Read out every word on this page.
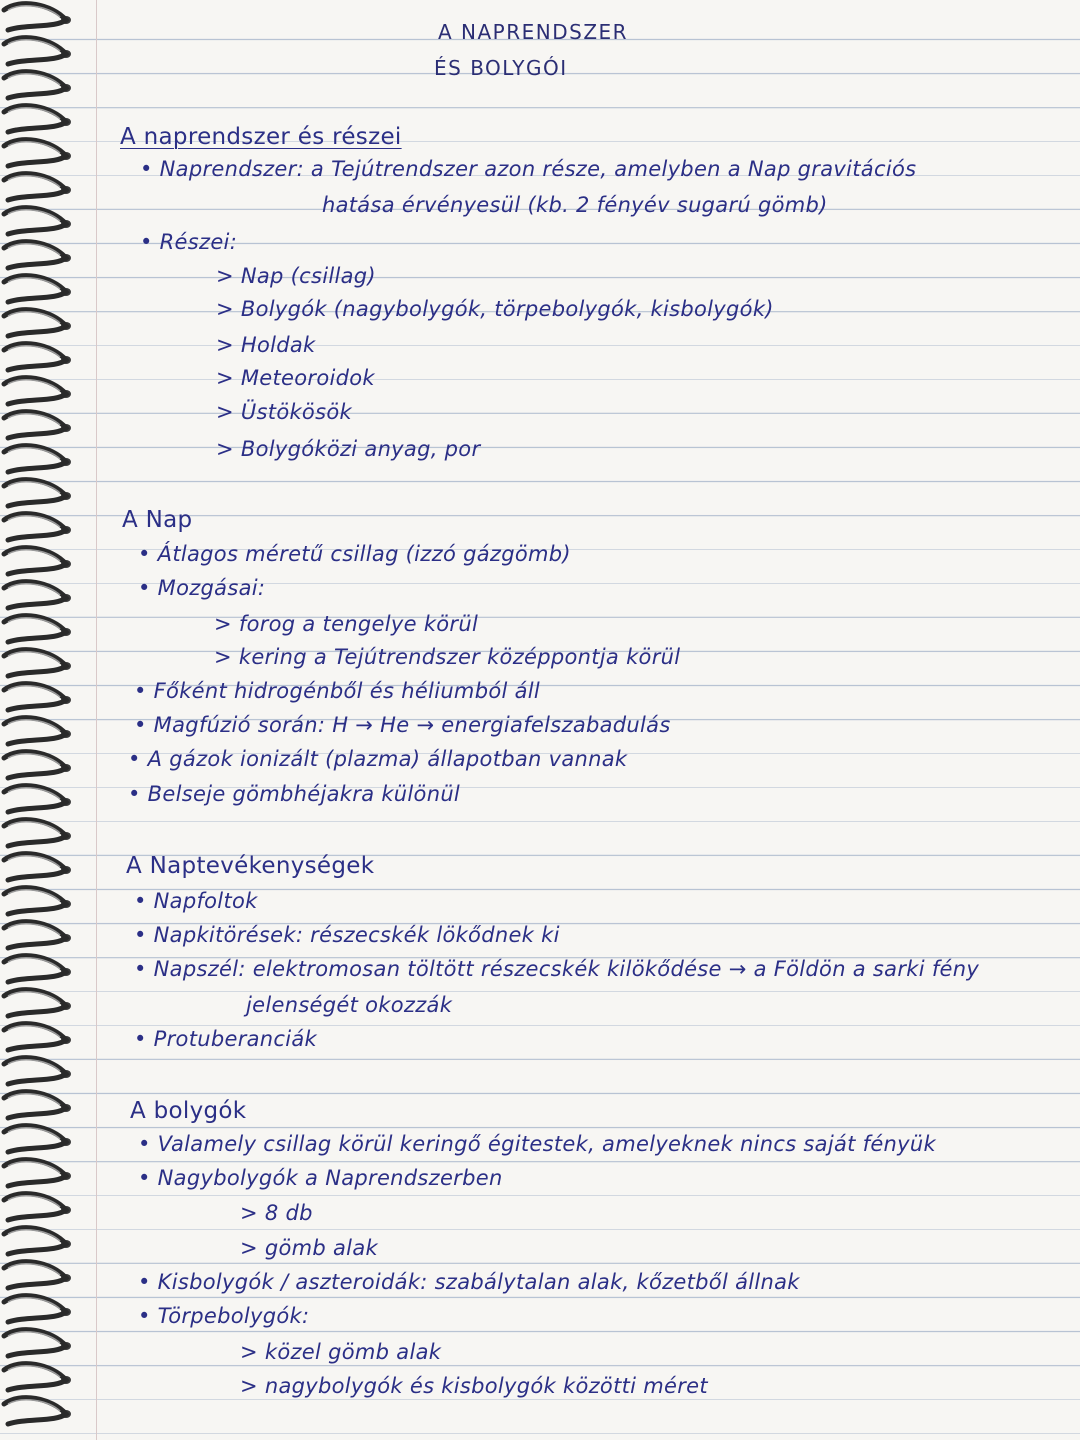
A NAPRENDSZER
ÉS BOLYGÓI
A naprendszer és részei
• Naprendszer: a Tejútrendszer azon része, amelyben a Nap gravitációs
hatása érvényesül (kb. 2 fényév sugarú gömb)
• Részei:
> Nap (csillag)
> Bolygók (nagybolygók, törpebolygók, kisbolygók)
> Holdak
> Meteoroidok
> Üstökösök
> Bolygóközi anyag, por
A Nap
• Átlagos méretű csillag (izzó gázgömb)
• Mozgásai:
> forog a tengelye körül
> kering a Tejútrendszer középpontja körül
• Főként hidrogénből és héliumból áll
• Magfúzió során: H → He → energiafelszabadulás
• A gázok ionizált (plazma) állapotban vannak
• Belseje gömbhéjakra különül
A Naptevékenységek
• Napfoltok
• Napkitörések: részecskék lökődnek ki
• Napszél: elektromosan töltött részecskék kilökődése → a Földön a sarki fény
jelenségét okozzák
• Protuberanciák
A bolygók
• Valamely csillag körül keringő égitestek, amelyeknek nincs saját fényük
• Nagybolygók a Naprendszerben
> 8 db
> gömb alak
• Kisbolygók / aszteroidák: szabálytalan alak, kőzetből állnak
• Törpebolygók:
> közel gömb alak
> nagybolygók és kisbolygók közötti méret
